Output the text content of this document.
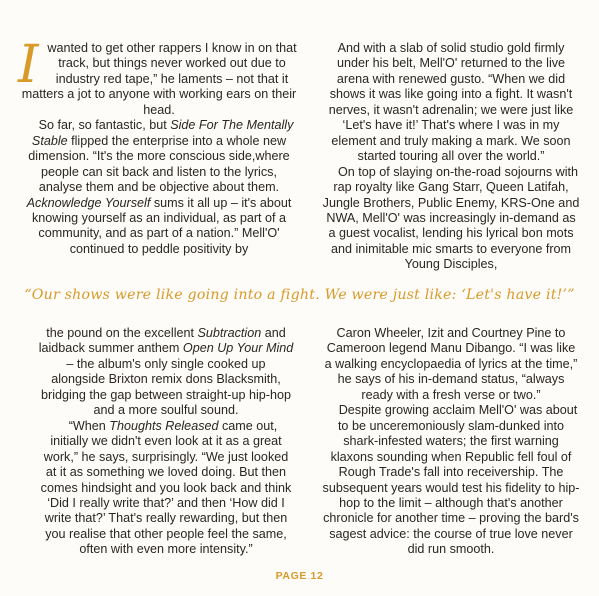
Iwanted to get other rappers I know in on that track, but things never worked out due to industry red tape,” he laments – not that it matters a jot to anyone with working ears on their head.

So far, so fantastic, but Side For The Mentally Stable flipped the enterprise into a whole new dimension. “It's the more conscious side,where people can sit back and listen to the lyrics, analyse them and be objective about them. Acknowledge Yourself sums it all up – it's about knowing yourself as an individual, as part of a community, and as part of a nation.” Mell'O' continued to peddle positivity by

And with a slab of solid studio gold firmly under his belt, Mell'O' returned to the live arena with renewed gusto. “When we did shows it was like going into a fight. It wasn't nerves, it wasn't adrenalin; we were just like ‘Let's have it!’ That's where I was in my element and truly making a mark. We soon started touring all over the world.”

On top of slaying on-the-road sojourns with rap royalty like Gang Starr, Queen Latifah, Jungle Brothers, Public Enemy, KRS-One and NWA, Mell'O' was increasingly in-demand as a guest vocalist, lending his lyrical bon mots and inimitable mic smarts to everyone from Young Disciples,

“Our shows were like going into a fight. We were just like: ‘Let's have it!’”

the pound on the excellent Subtraction and laidback summer anthem Open Up Your Mind – the album's only single cooked up alongside Brixton remix dons Blacksmith, bridging the gap between straight-up hip-hop and a more soulful sound.

“When Thoughts Released came out, initially we didn't even look at it as a great work,” he says, surprisingly. “We just looked at it as something we loved doing. But then comes hindsight and you look back and think ‘Did I really write that?’ and then ‘How did I write that?’ That's really rewarding, but then you realise that other people feel the same, often with even more intensity.”

Caron Wheeler, Izit and Courtney Pine to Cameroon legend Manu Dibango. “I was like a walking encyclopaedia of lyrics at the time,” he says of his in-demand status, “always ready with a fresh verse or two.”

Despite growing acclaim Mell'O' was about to be unceremoniously slam-dunked into shark-infested waters; the first warning klaxons sounding when Republic fell foul of Rough Trade's fall into receivership. The subsequent years would test his fidelity to hip-hop to the limit – although that's another chronicle for another time – proving the bard's sagest advice: the course of true love never did run smooth.

PAGE 12
